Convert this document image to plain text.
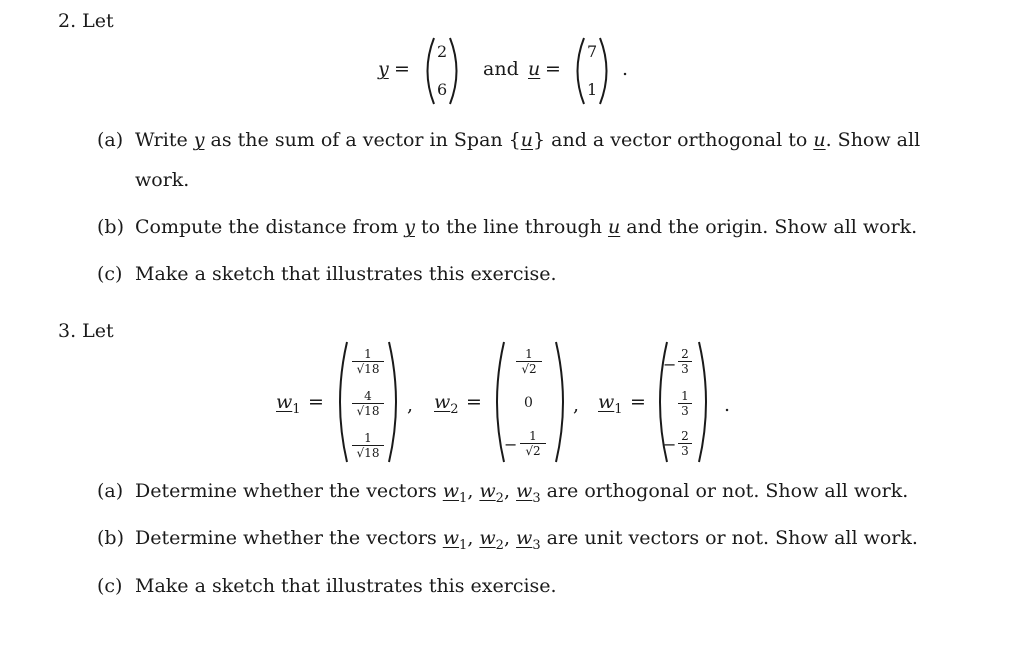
2. Let
y =
2
6
and u =
7
1
.
(a) Write y as the sum of a vector in Span {u} and a vector orthogonal to u. Show all
work.
(b) Compute the distance from y to the line through u and the origin. Show all work.
(c) Make a sketch that illustrates this exercise.
3. Let
w1 =
1
√18
4
√18
1
√18
, w2 =
1
√2
0
− 1
√2
, w1 =
−
2
3
1
3
− 2
3
.
(a) Determine whether the vectors w1, w2, w3 are orthogonal or not. Show all work.
(b) Determine whether the vectors w1, w2, w3 are unit vectors or not. Show all work.
(c) Make a sketch that illustrates this exercise.
